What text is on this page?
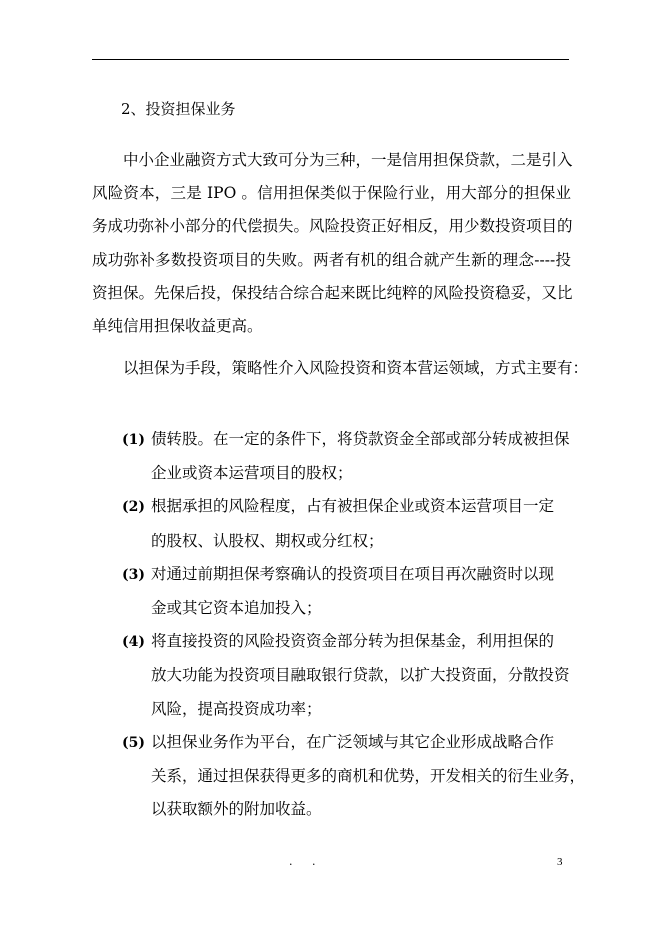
2、投资担保业务
中小企业融资方式大致可分为三种，一是信用担保贷款，二是引入
风险资本，三是 IPO 。信用担保类似于保险行业，用大部分的担保业
务成功弥补小部分的代偿损失。风险投资正好相反，用少数投资项目的
成功弥补多数投资项目的失败。两者有机的组合就产生新的理念----投
资担保。先保后投，保投结合综合起来既比纯粹的风险投资稳妥，又比
单纯信用担保收益更高。
以担保为手段，策略性介入风险投资和资本营运领域，方式主要有：
(1) 债转股。在一定的条件下，将贷款资金全部或部分转成被担保
企业或资本运营项目的股权；
(2) 根据承担的风险程度，占有被担保企业或资本运营项目一定
的股权、认股权、期权或分红权；
(3) 对通过前期担保考察确认的投资项目在项目再次融资时以现
金或其它资本追加投入；
(4) 将直接投资的风险投资资金部分转为担保基金，利用担保的
放大功能为投资项目融取银行贷款，以扩大投资面，分散投资
风险，提高投资成功率；
(5) 以担保业务作为平台，在广泛领域与其它企业形成战略合作
关系，通过担保获得更多的商机和优势，开发相关的衍生业务，
以获取额外的附加收益。
. .	3
